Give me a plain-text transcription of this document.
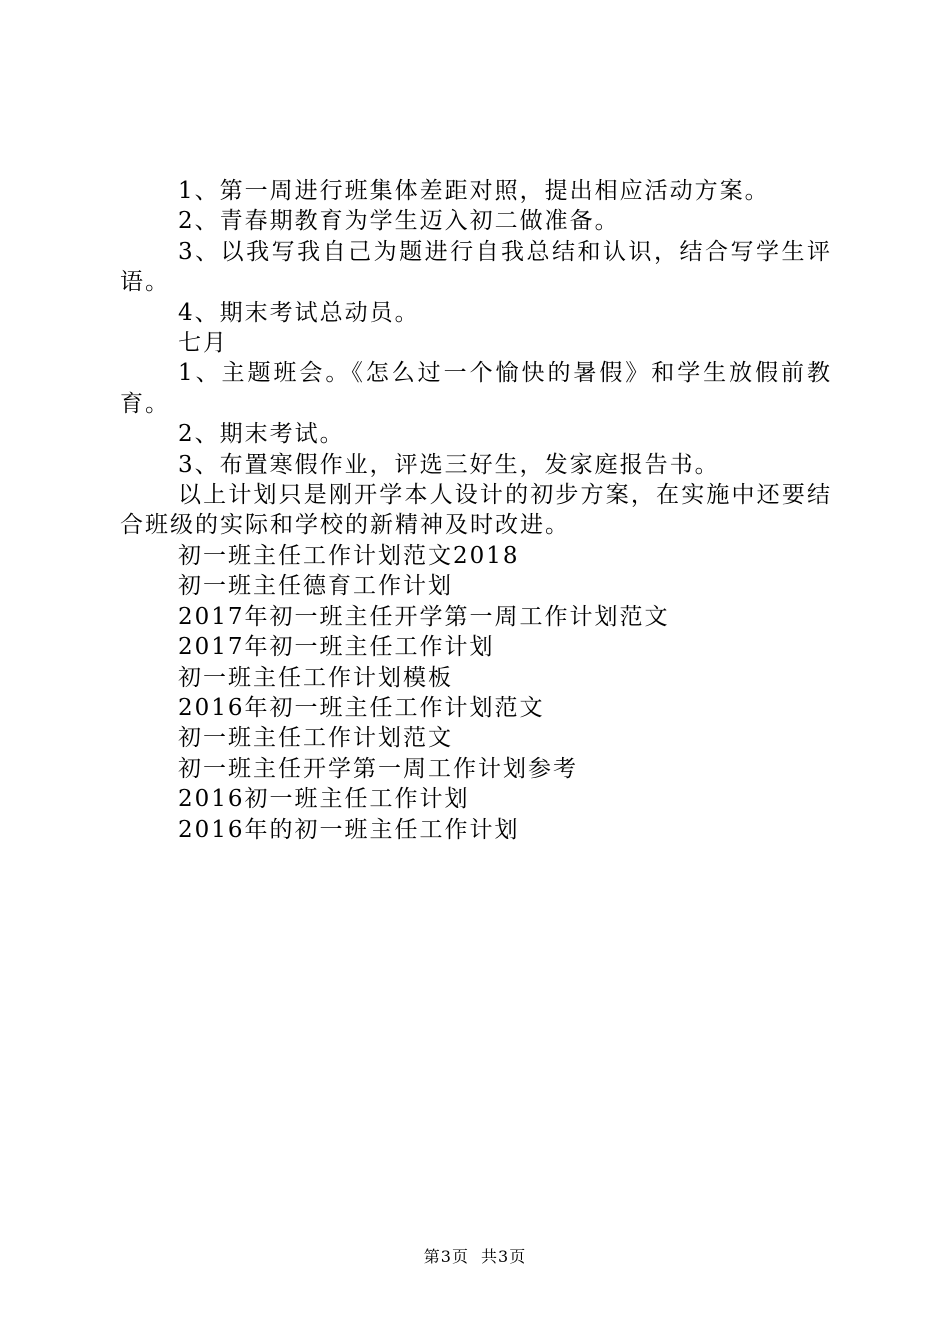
1、第一周进行班集体差距对照，提出相应活动方案。

2、青春期教育为学生迈入初二做准备。

3、以我写我自己为题进行自我总结和认识，结合写学生评语。

4、期末考试总动员。

七月

1、主题班会。《怎么过一个愉快的暑假》和学生放假前教育。

2、期末考试。

3、布置寒假作业，评选三好生，发家庭报告书。

以上计划只是刚开学本人设计的初步方案，在实施中还要结合班级的实际和学校的新精神及时改进。

初一班主任工作计划范文2018

初一班主任德育工作计划

2017年初一班主任开学第一周工作计划范文

2017年初一班主任工作计划

初一班主任工作计划模板

2016年初一班主任工作计划范文

初一班主任工作计划范文

初一班主任开学第一周工作计划参考

2016初一班主任工作计划

2016年的初一班主任工作计划

第3页 共3页
